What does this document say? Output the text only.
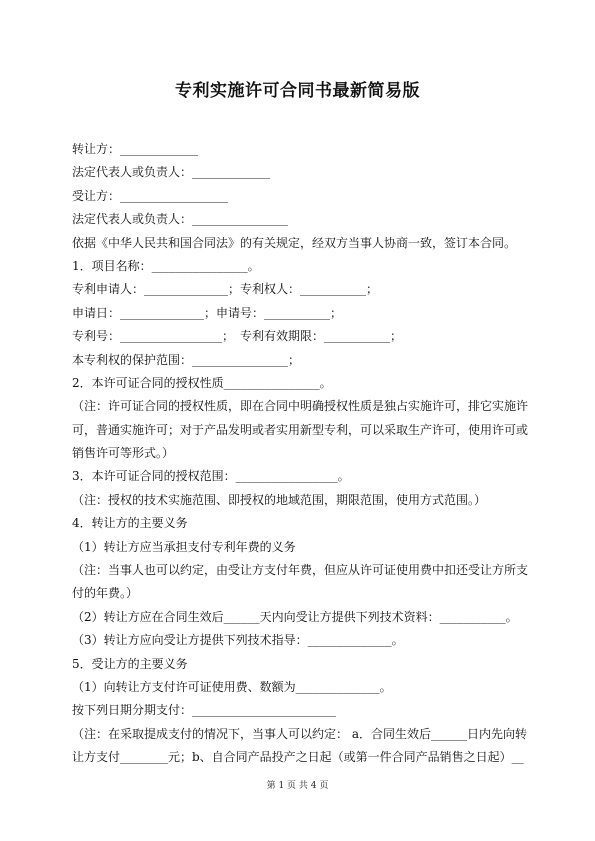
专利实施许可合同书最新简易版
转让方：_____________
法定代表人或负责人：_____________
受让方：__________________
法定代表人或负责人：________________
依据《中华人民共和国合同法》的有关规定，经双方当事人协商一致，签订本合同。
1．项目名称：________________。
专利申请人：______________；专利权人：___________；
申请日：______________；申请号：___________；
专利号：_________________；　专利有效期限：___________；
本专利权的保护范围：________________；
2．本许可证合同的授权性质________________。
（注：许可证合同的授权性质，即在合同中明确授权性质是独占实施许可，排它实施许
可，普通实施许可；对于产品发明或者实用新型专利，可以采取生产许可，使用许可或
销售许可等形式。）
3．本许可证合同的授权范围：_________________。
（注：授权的技术实施范围、即授权的地域范围，期限范围，使用方式范围。）
4．转让方的主要义务
（1）转让方应当承担支付专利年费的义务
（注：当事人也可以约定，由受让方支付年费，但应从许可证使用费中扣还受让方所支
付的年费。）
（2）转让方应在合同生效后______天内向受让方提供下列技术资料：___________。
（3）转让方应向受让方提供下列技术指导：______________。
5．受让方的主要义务
（1）向转让方支付许可证使用费、数额为______________。
按下列日期分期支付：________________________
（注：在采取提成支付的情况下，当事人可以约定： a．合同生效后______日内先向转
让方支付________元；b、自合同产品投产之日起（或第一件合同产品销售之日起）__
第 1 页 共 4 页
